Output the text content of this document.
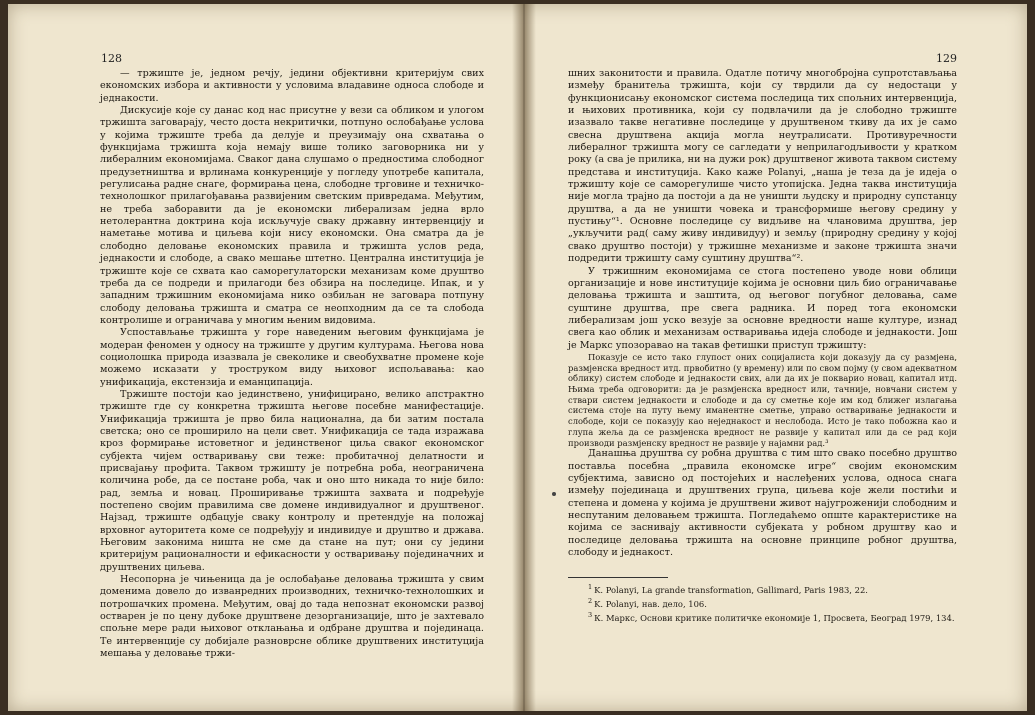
128	129

— тржиште је, једном речју, једини објективни критеријум свих економских избора и активности у условима владавине односа слободе и једнакости.

Дискусије које су данас код нас присутне у вези са обликом и улогом тржишта заговарају, често доста некритички, потпуно ослобађање услова у којима тржиште треба да делује и преузимају она схватања о функцијама тржишта која немају више толико заговорника ни у либералним економијама. Сваког дана слушамо о предностима слободног предузетништва и врлинама конкуренције у погледу употребе капитала, регулисања радне снаге, формирања цена, слободне трговине и техничко-технолошког прилагођавања развијеним светским привредама. Међутим, не треба заборавити да је економски либерализам једна врло нетолерантна доктрина која искључује сваку државну интервенцију и наметање мотива и циљева који нису економски. Она сматра да је слободно деловање економских правила и тржишта услов реда, једнакости и слободе, а свако мешање штетно. Централна институција је тржиште које се схвата као саморегулаторски механизам коме друштво треба да се подреди и прилагоди без обзира на последице. Ипак, и у западним тржишним економијама нико озбиљан не заговара потпуну слободу деловања тржишта и сматра се неопходним да се та слобода контролише и ограничава у многим њеним видовима.

Успостављање тржишта у горе наведеним његовим функцијама је модеран феномен у односу на тржиште у другим културама. Његова нова социолошка природа изазвала је свеколике и свеобухватне промене које можемо исказати у троструком виду њиховог испољавања: као унификација, екстензија и еманципација.

Тржиште постоји као јединствено, унифицирано, велико апстрактно тржиште где су конкретна тржишта његове посебне манифестације. Унификација тржишта је прво била национална, да би затим постала светска; оно се проширило на цели свет. Унификација се тада изражава кроз формирање истоветног и јединственог циља сваког економског субјекта чијем остваривању сви теже: пробитачној делатности и присвајању профита. Таквом тржишту је потребна роба, неограничена количина робе, да се постане роба, чак и оно што никада то није било: рад, земља и новац. Проширивање тржишта захвата и подређује постепено својим правилима све домене индивидуалног и друштвеног. Најзад, тржиште одбацује сваку контролу и претендује на положај врховног ауторитета коме се подређују и индивидуе и друштво и држава. Његовим законима ништа не сме да стане на пут; они су једини критеријум рационалности и ефикасности у остваривању појединачних и друштвених циљева.

Несопорна је чињеница да је ослобађање деловања тржишта у свим доменима довело до изванредних производних, техничко-технолошких и потрошачких промена. Међутим, овај до тада непознат економски развој остварен је по цену дубоке друштвене дезорганизације, што је захтевало спољне мере ради њиховог отклањања и одбране друштва и појединаца. Те интервенције су добијале разноврсне облике друштвених институција мешања у деловање тржи-

шних законитости и правила. Одатле потичу многобројна супротстављања између бранитеља тржишта, који су тврдили да су недостаци у функционисању економског система последица тих спољних интервенција, и њихових противника, који су подвлачили да је слободно тржиште изазвало такве негативне последице у друштвеном ткиву да их је само свесна друштвена акција могла неутралисати. Противуречности либералног тржишта могу се сагледати у неприлагодљивости у кратком року (а сва је прилика, ни на дужи рок) друштвеног живота таквом систему представа и институција. Како каже Polanyi, „наша је теза да је идеја о тржишту које се саморегулише чисто утопијска. Једна таква институција није могла трајно да постоји а да не уништи људску и природну супстанцу друштва, а да не уништи човека и трансформише његову средину у пустињу“¹. Основне последице су видљиве на члановима друштва, јер „укључити рад( саму живу индивидуу) и земљу (природну средину у којој свако друштво постоји) у тржишне механизме и законе тржишта значи подредити тржишту саму суштину друштва“².

У тржишним економијама се стога постепено уводе нови облици организације и нове институције којима је основни циљ био ограничавање деловања тржишта и заштита, од његовог погубног деловања, саме суштине друштва, пре свега радника. И поред тога економски либерализам још уско везује за основне вредности наше културе, изнад свега као облик и механизам остваривања идеја слободе и једнакости. Још је Маркс упозоравао на такав фетишки приступ тржишту:

Показује се исто тако глупост оних социјалиста који доказују да су размјена, размјенска вредност итд. првобитно (у времену) или по свом појму (у свом адекватном облику) систем слободе и једнакости свих, али да их је покварио новац, капитал итд. Њима треба одговорити: да је размјенска вредност или, тачније, новчани систем у ствари систем једнакости и слободе и да су сметње које им код ближег излагања система стоје на путу њему иманентне сметње, управо остваривање једнакости и слободе, који се показују као неједнакост и неслобода. Исто је тако побожна као и глупа жеља да се размјенска вредност не развије у капитал или да се рад који производи размјенску вредност не развије у најамни рад.³

Данашња друштва су робна друштва с тим што свако посебно друштво поставља посебна „правила економске игре“ својим економским субјектима, зависно од постојећих и наслеђених услова, односа снага између појединаца и друштвених група, циљева које жели постићи и степена и домена у којима је друштвени живот најугроженији слободним и неспутаним деловањем тржишта. Погледаћемо опште карактеристике на којима се заснивају активности субјеката у робном друштву као и последице деловања тржишта на основне принципе робног друштва, слободу и једнакост.

$^1$ K. Polanyi, La grande transformation, Gallimard, Paris 1983, 22.

$^2$ K. Polanyi, нав. дело, 106.

$^3$ К. Маркс, Основи критике политичке економије 1, Просвета, Београд 1979, 134.
